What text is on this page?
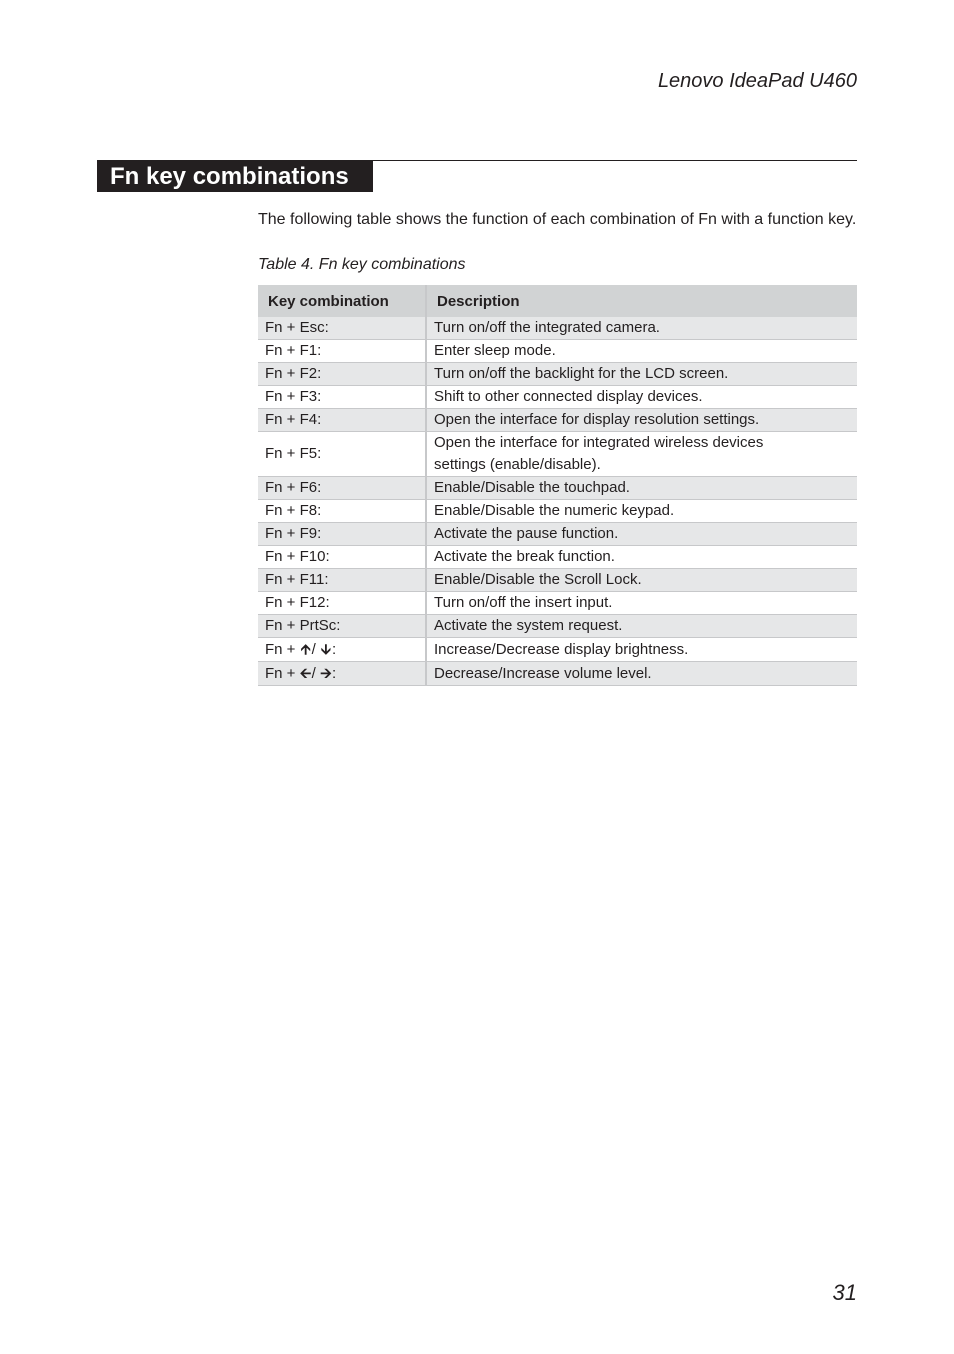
Lenovo IdeaPad U460
Fn key combinations

The following table shows the function of each combination of Fn with a function key.

Table 4. Fn key combinations
Key combination	Description
Fn + Esc:	Turn on/off the integrated camera.
Fn + F1:	Enter sleep mode.
Fn + F2:	Turn on/off the backlight for the LCD screen.
Fn + F3:	Shift to other connected display devices.
Fn + F4:	Open the interface for display resolution settings.
Fn + F5:	Open the interface for integrated wireless devices
settings (enable/disable).
Fn + F6:	Enable/Disable the touchpad.
Fn + F8:	Enable/Disable the numeric keypad.
Fn + F9:	Activate the pause function.
Fn + F10:	Activate the break function.
Fn + F11:	Enable/Disable the Scroll Lock.
Fn + F12:	Turn on/off the insert input.
Fn + PrtSc:	Activate the system request.
Fn + 🡩/ 🡫:	Increase/Decrease display brightness.
Fn + 🡨/ 🡪:	Decrease/Increase volume level.
31
